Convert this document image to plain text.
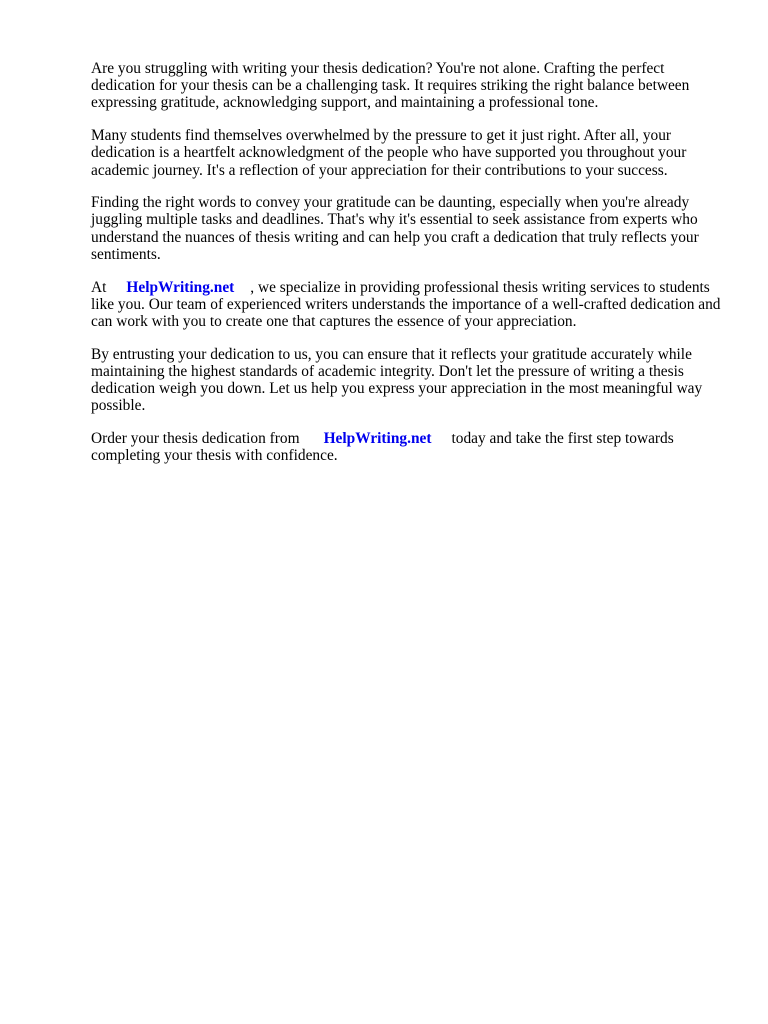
Are you struggling with writing your thesis dedication? You're not alone. Crafting the perfect dedication for your thesis can be a challenging task. It requires striking the right balance between expressing gratitude, acknowledging support, and maintaining a professional tone.

Many students find themselves overwhelmed by the pressure to get it just right. After all, your dedication is a heartfelt acknowledgment of the people who have supported you throughout your academic journey. It's a reflection of your appreciation for their contributions to your success.

Finding the right words to convey your gratitude can be daunting, especially when you're already juggling multiple tasks and deadlines. That's why it's essential to seek assistance from experts who understand the nuances of thesis writing and can help you craft a dedication that truly reflects your sentiments.

At HelpWriting.net , we specialize in providing professional thesis writing services to students like you. Our team of experienced writers understands the importance of a well-crafted dedication and can work with you to create one that captures the essence of your appreciation.

By entrusting your dedication to us, you can ensure that it reflects your gratitude accurately while maintaining the highest standards of academic integrity. Don't let the pressure of writing a thesis dedication weigh you down. Let us help you express your appreciation in the most meaningful way possible.

Order your thesis dedication from HelpWriting.net today and take the first step towards completing your thesis with confidence.
